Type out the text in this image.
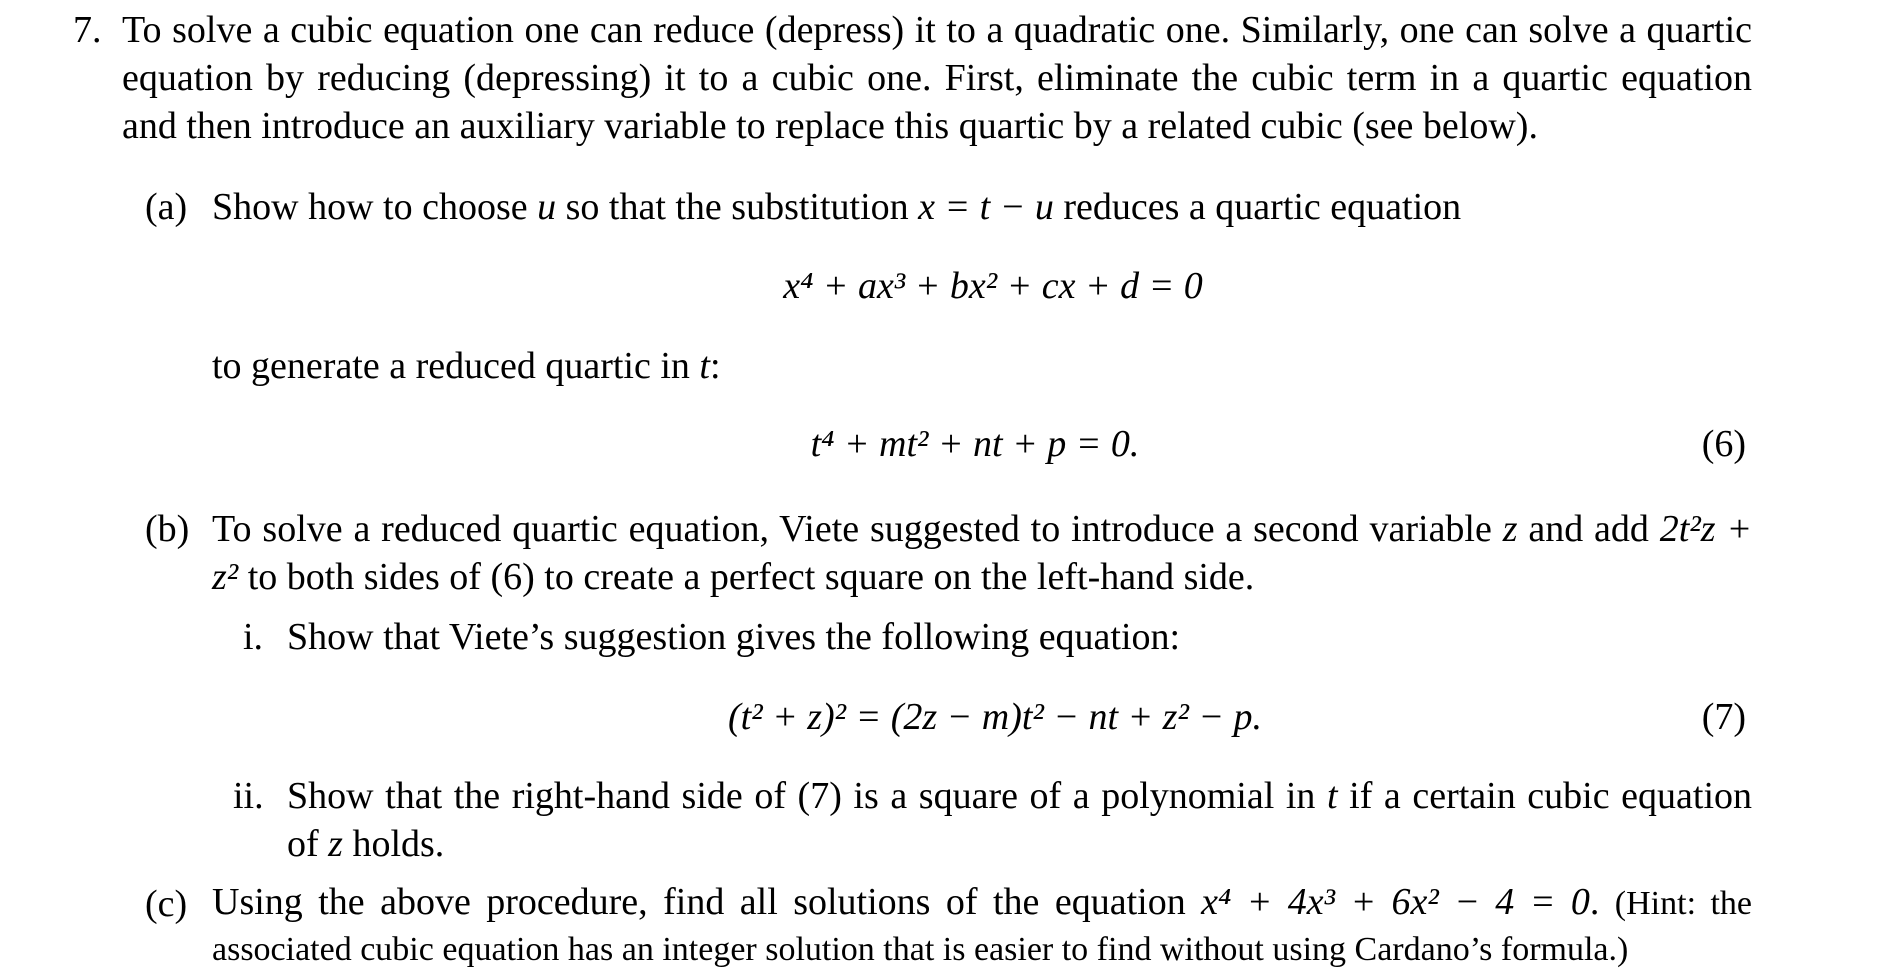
7. To solve a cubic equation one can reduce (depress) it to a quadratic one. Similarly, one can solve a quartic equation by reducing (depressing) it to a cubic one. First, eliminate the cubic term in a quartic equation and then introduce an auxiliary variable to replace this quartic by a related cubic (see below).
(a) Show how to choose u so that the substitution x = t − u reduces a quartic equation
x⁴ + ax³ + bx² + cx + d = 0
to generate a reduced quartic in t:
t⁴ + mt² + nt + p = 0.	(6)
(b) To solve a reduced quartic equation, Viete suggested to introduce a second variable z and add 2t²z + z² to both sides of (6) to create a perfect square on the left-hand side.
i. Show that Viete’s suggestion gives the following equation:
(t² + z)² = (2z − m)t² − nt + z² − p.	(7)
ii. Show that the right-hand side of (7) is a square of a polynomial in t if a certain cubic equation of z holds.
(c) Using the above procedure, find all solutions of the equation x⁴ + 4x³ + 6x² − 4 = 0. (Hint: the associated cubic equation has an integer solution that is easier to find without using Cardano’s formula.)
